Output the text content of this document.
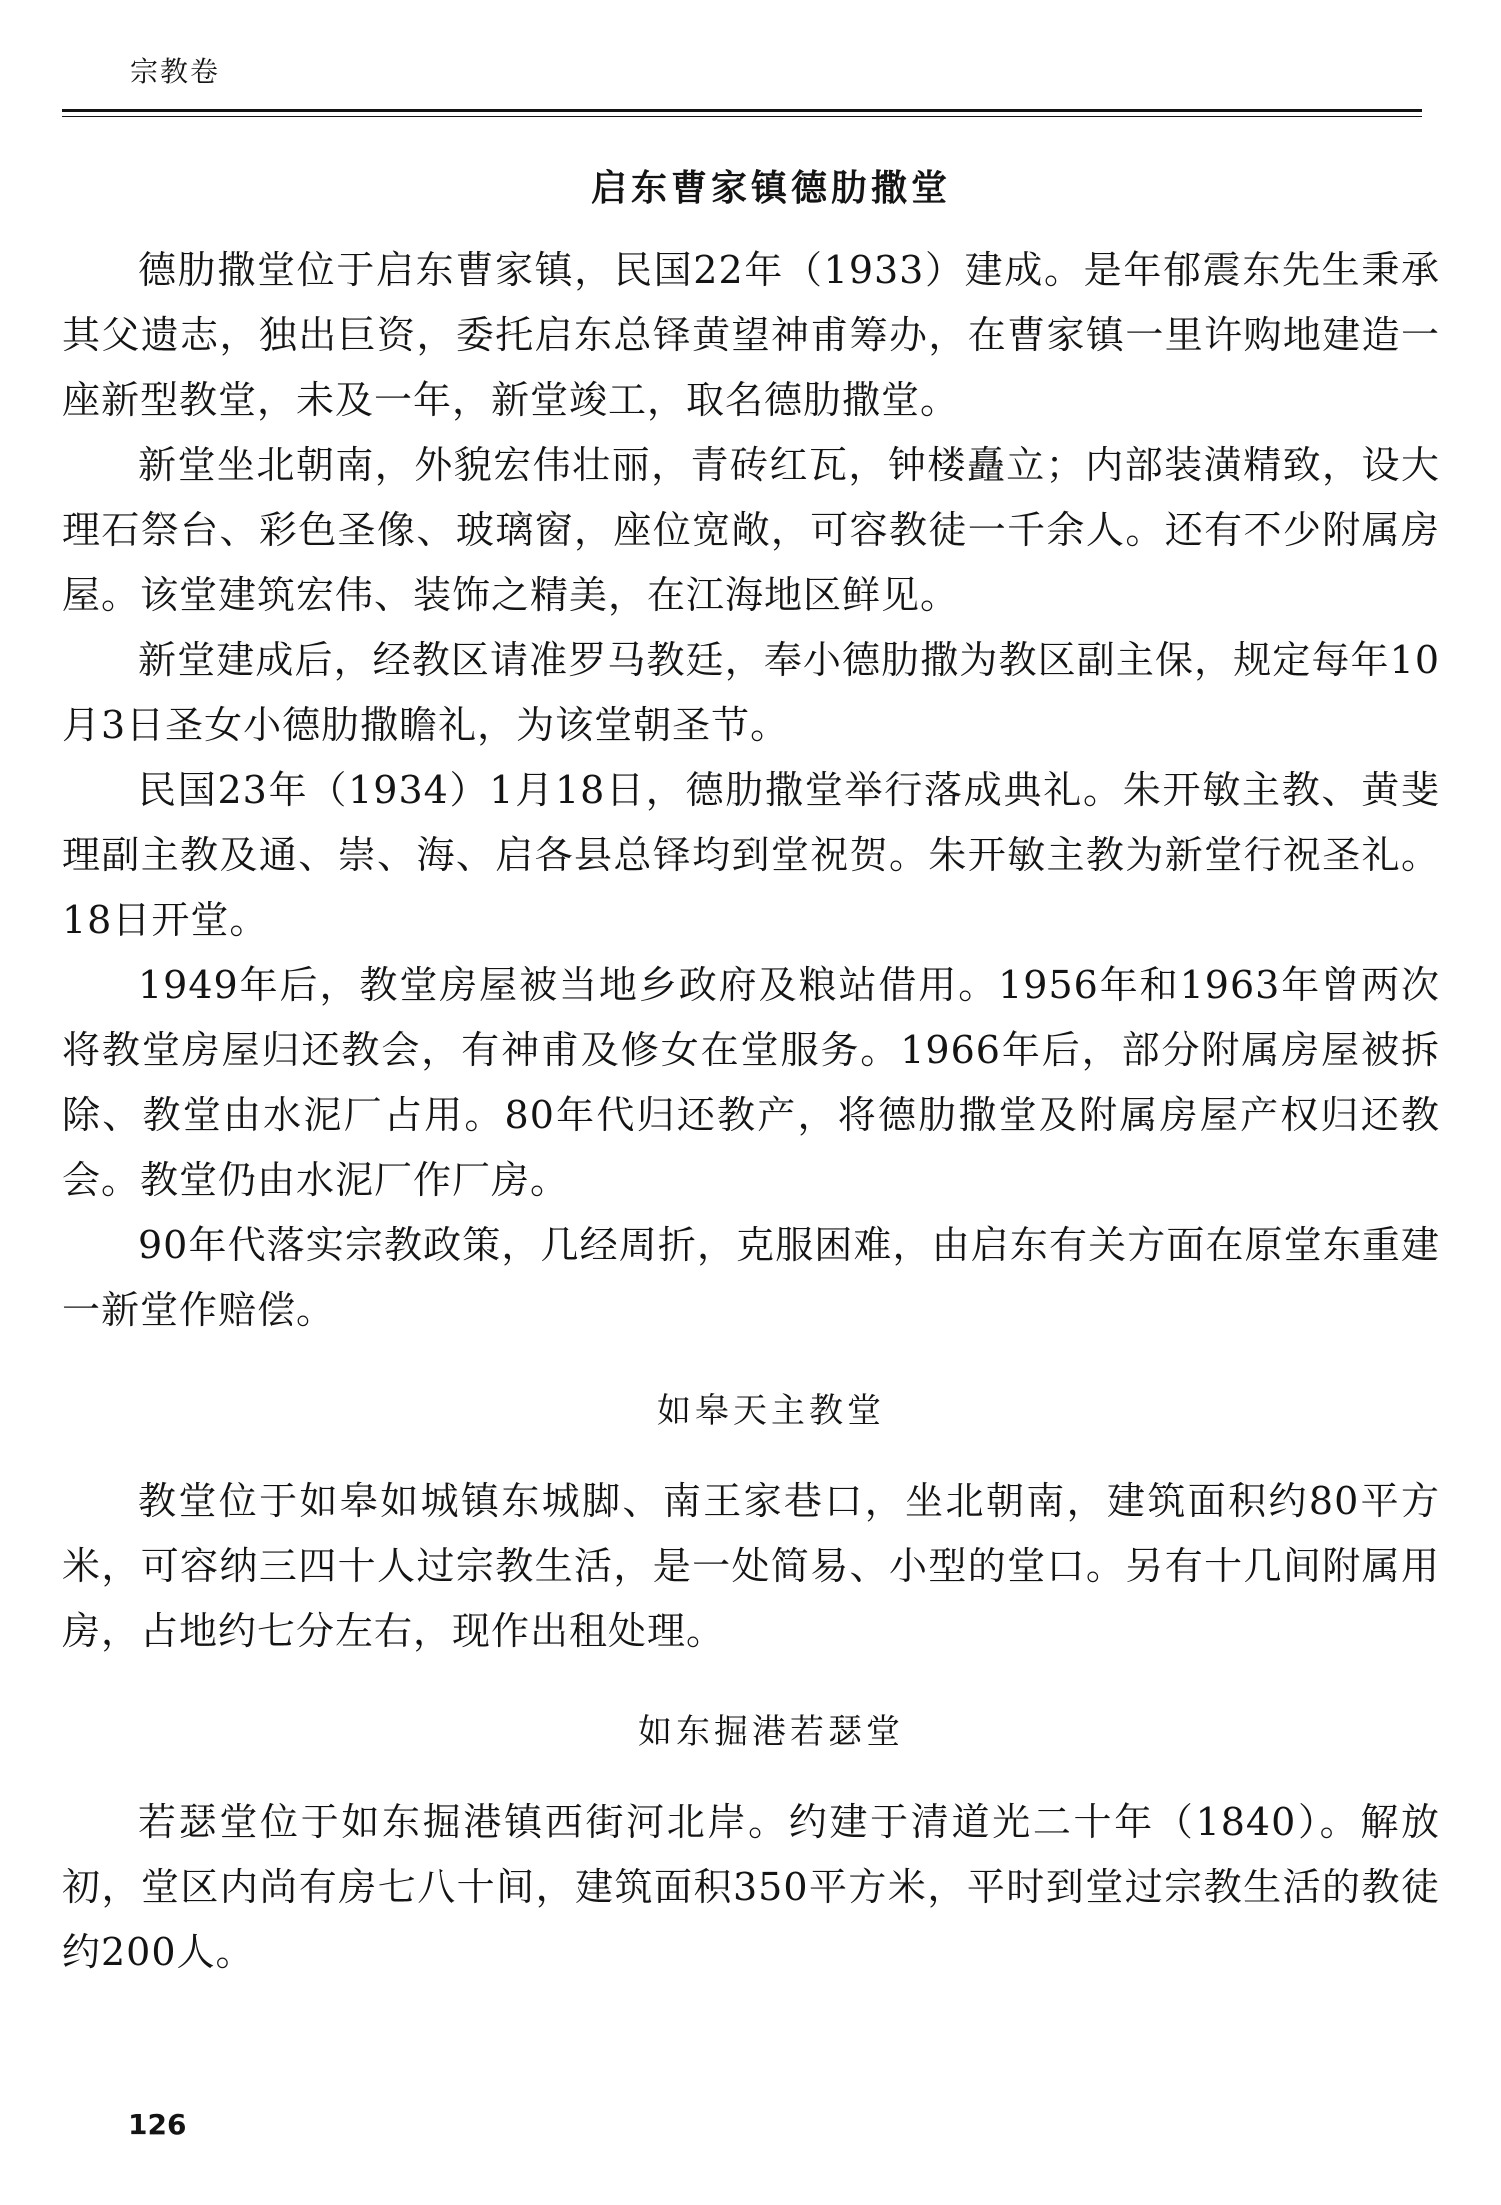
宗教卷
启东曹家镇德肋撒堂

德肋撒堂位于启东曹家镇，民国22年（1933）建成。是年郁震东先生秉承其父遗志，独出巨资，委托启东总铎黄望神甫筹办，在曹家镇一里许购地建造一座新型教堂，未及一年，新堂竣工，取名德肋撒堂。

新堂坐北朝南，外貌宏伟壮丽，青砖红瓦，钟楼矗立；内部装潢精致，设大理石祭台、彩色圣像、玻璃窗，座位宽敞，可容教徒一千余人。还有不少附属房屋。该堂建筑宏伟、装饰之精美，在江海地区鲜见。

新堂建成后，经教区请准罗马教廷，奉小德肋撒为教区副主保，规定每年10月3日圣女小德肋撒瞻礼，为该堂朝圣节。

民国23年（1934）1月18日，德肋撒堂举行落成典礼。朱开敏主教、黄斐理副主教及通、崇、海、启各县总铎均到堂祝贺。朱开敏主教为新堂行祝圣礼。18日开堂。

1949年后，教堂房屋被当地乡政府及粮站借用。1956年和1963年曾两次将教堂房屋归还教会，有神甫及修女在堂服务。1966年后，部分附属房屋被拆除、教堂由水泥厂占用。80年代归还教产，将德肋撒堂及附属房屋产权归还教会。教堂仍由水泥厂作厂房。

90年代落实宗教政策，几经周折，克服困难，由启东有关方面在原堂东重建一新堂作赔偿。

如皋天主教堂

教堂位于如皋如城镇东城脚、南王家巷口，坐北朝南，建筑面积约80平方米，可容纳三四十人过宗教生活，是一处简易、小型的堂口。另有十几间附属用房，占地约七分左右，现作出租处理。

如东掘港若瑟堂

若瑟堂位于如东掘港镇西街河北岸。约建于清道光二十年（1840）。解放初，堂区内尚有房七八十间，建筑面积350平方米，平时到堂过宗教生活的教徒约200人。

126
